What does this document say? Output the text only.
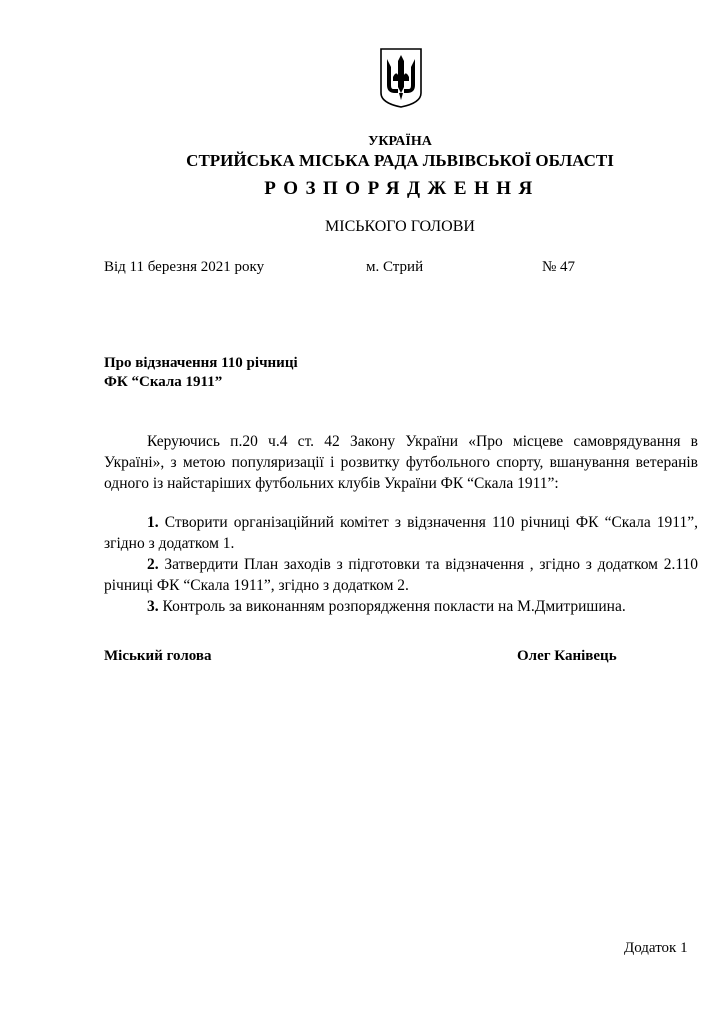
УКРАЇНА
СТРИЙСЬКА МІСЬКА РАДА ЛЬВІВСЬКОЇ ОБЛАСТІ
РОЗПОРЯДЖЕННЯ
МІСЬКОГО ГОЛОВИ
Від 11 березня 2021 року	м. Стрий	№ 47
Про відзначення 110 річниці
ФК “Скала 1911”
Керуючись п.20 ч.4 ст. 42 Закону України «Про місцеве самоврядування в Україні», з метою популяризації і розвитку футбольного спорту, вшанування ветеранів одного із найстаріших футбольних клубів України ФК “Скала 1911”:

1. Створити організаційний комітет з відзначення 110 річниці ФК “Скала 1911”, згідно з додатком 1.

2. Затвердити План заходів з підготовки та відзначення , згідно з додатком 2.110 річниці ФК “Скала 1911”, згідно з додатком 2.

3. Контроль за виконанням розпорядження покласти на М.Дмитришина.

Міський голова	Олег Канівець
Додаток 1
